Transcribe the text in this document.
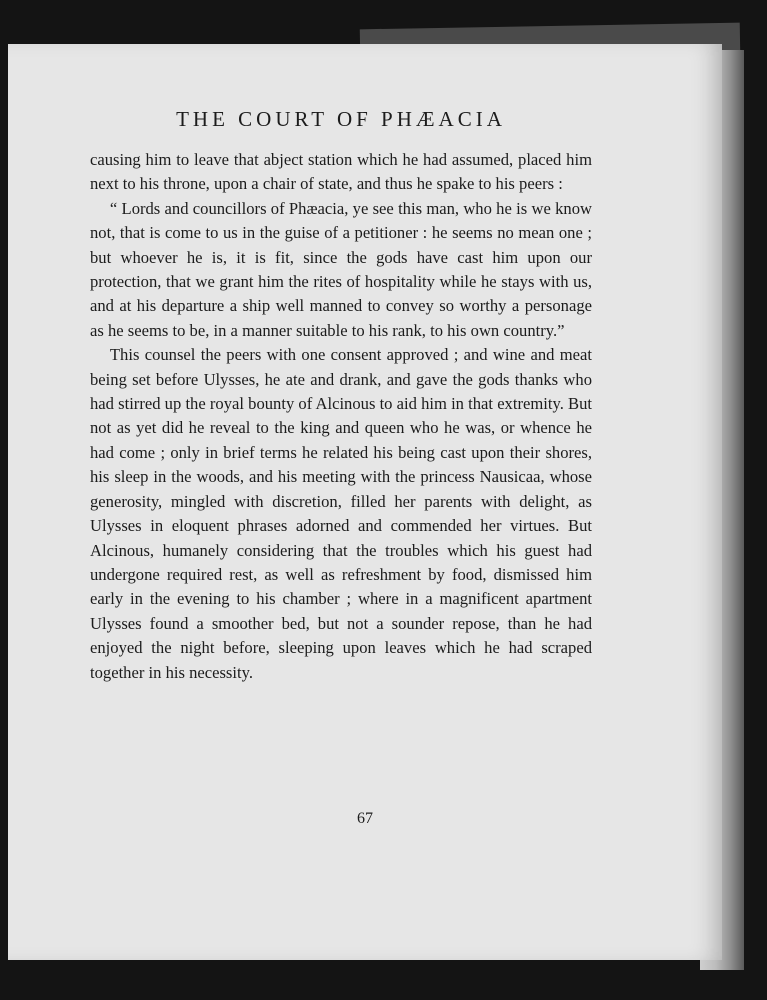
THE COURT OF PHÆACIA

causing him to leave that abject station which he had assumed, placed him next to his throne, upon a chair of state, and thus he spake to his peers :

“ Lords and councillors of Phæacia, ye see this man, who he is we know not, that is come to us in the guise of a petitioner : he seems no mean one ; but whoever he is, it is fit, since the gods have cast him upon our protection, that we grant him the rites of hospitality while he stays with us, and at his departure a ship well manned to convey so worthy a personage as he seems to be, in a manner suitable to his rank, to his own country.”

This counsel the peers with one consent approved ; and wine and meat being set before Ulysses, he ate and drank, and gave the gods thanks who had stirred up the royal bounty of Alcinous to aid him in that extremity. But not as yet did he reveal to the king and queen who he was, or whence he had come ; only in brief terms he related his being cast upon their shores, his sleep in the woods, and his meeting with the princess Nausicaa, whose generosity, mingled with discretion, filled her parents with delight, as Ulysses in eloquent phrases adorned and commended her virtues. But Alcinous, humanely considering that the troubles which his guest had undergone required rest, as well as refreshment by food, dismissed him early in the evening to his chamber ; where in a magnificent apartment Ulysses found a smoother bed, but not a sounder repose, than he had enjoyed the night before, sleeping upon leaves which he had scraped together in his necessity.

67
